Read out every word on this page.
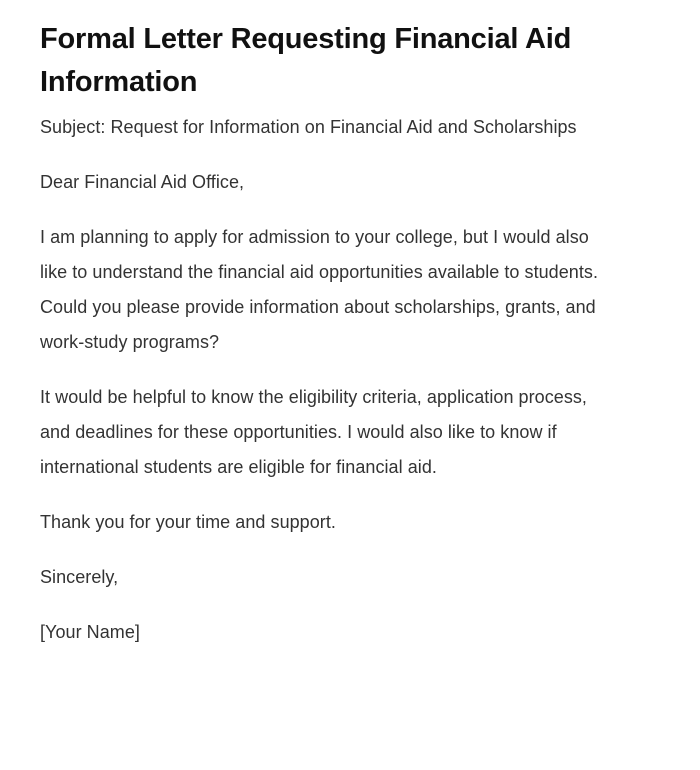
Formal Letter Requesting Financial Aid Information

Subject: Request for Information on Financial Aid and Scholarships

Dear Financial Aid Office,

I am planning to apply for admission to your college, but I would also like to understand the financial aid opportunities available to students. Could you please provide information about scholarships, grants, and work-study programs?

It would be helpful to know the eligibility criteria, application process, and deadlines for these opportunities. I would also like to know if international students are eligible for financial aid.

Thank you for your time and support.

Sincerely,

[Your Name]
